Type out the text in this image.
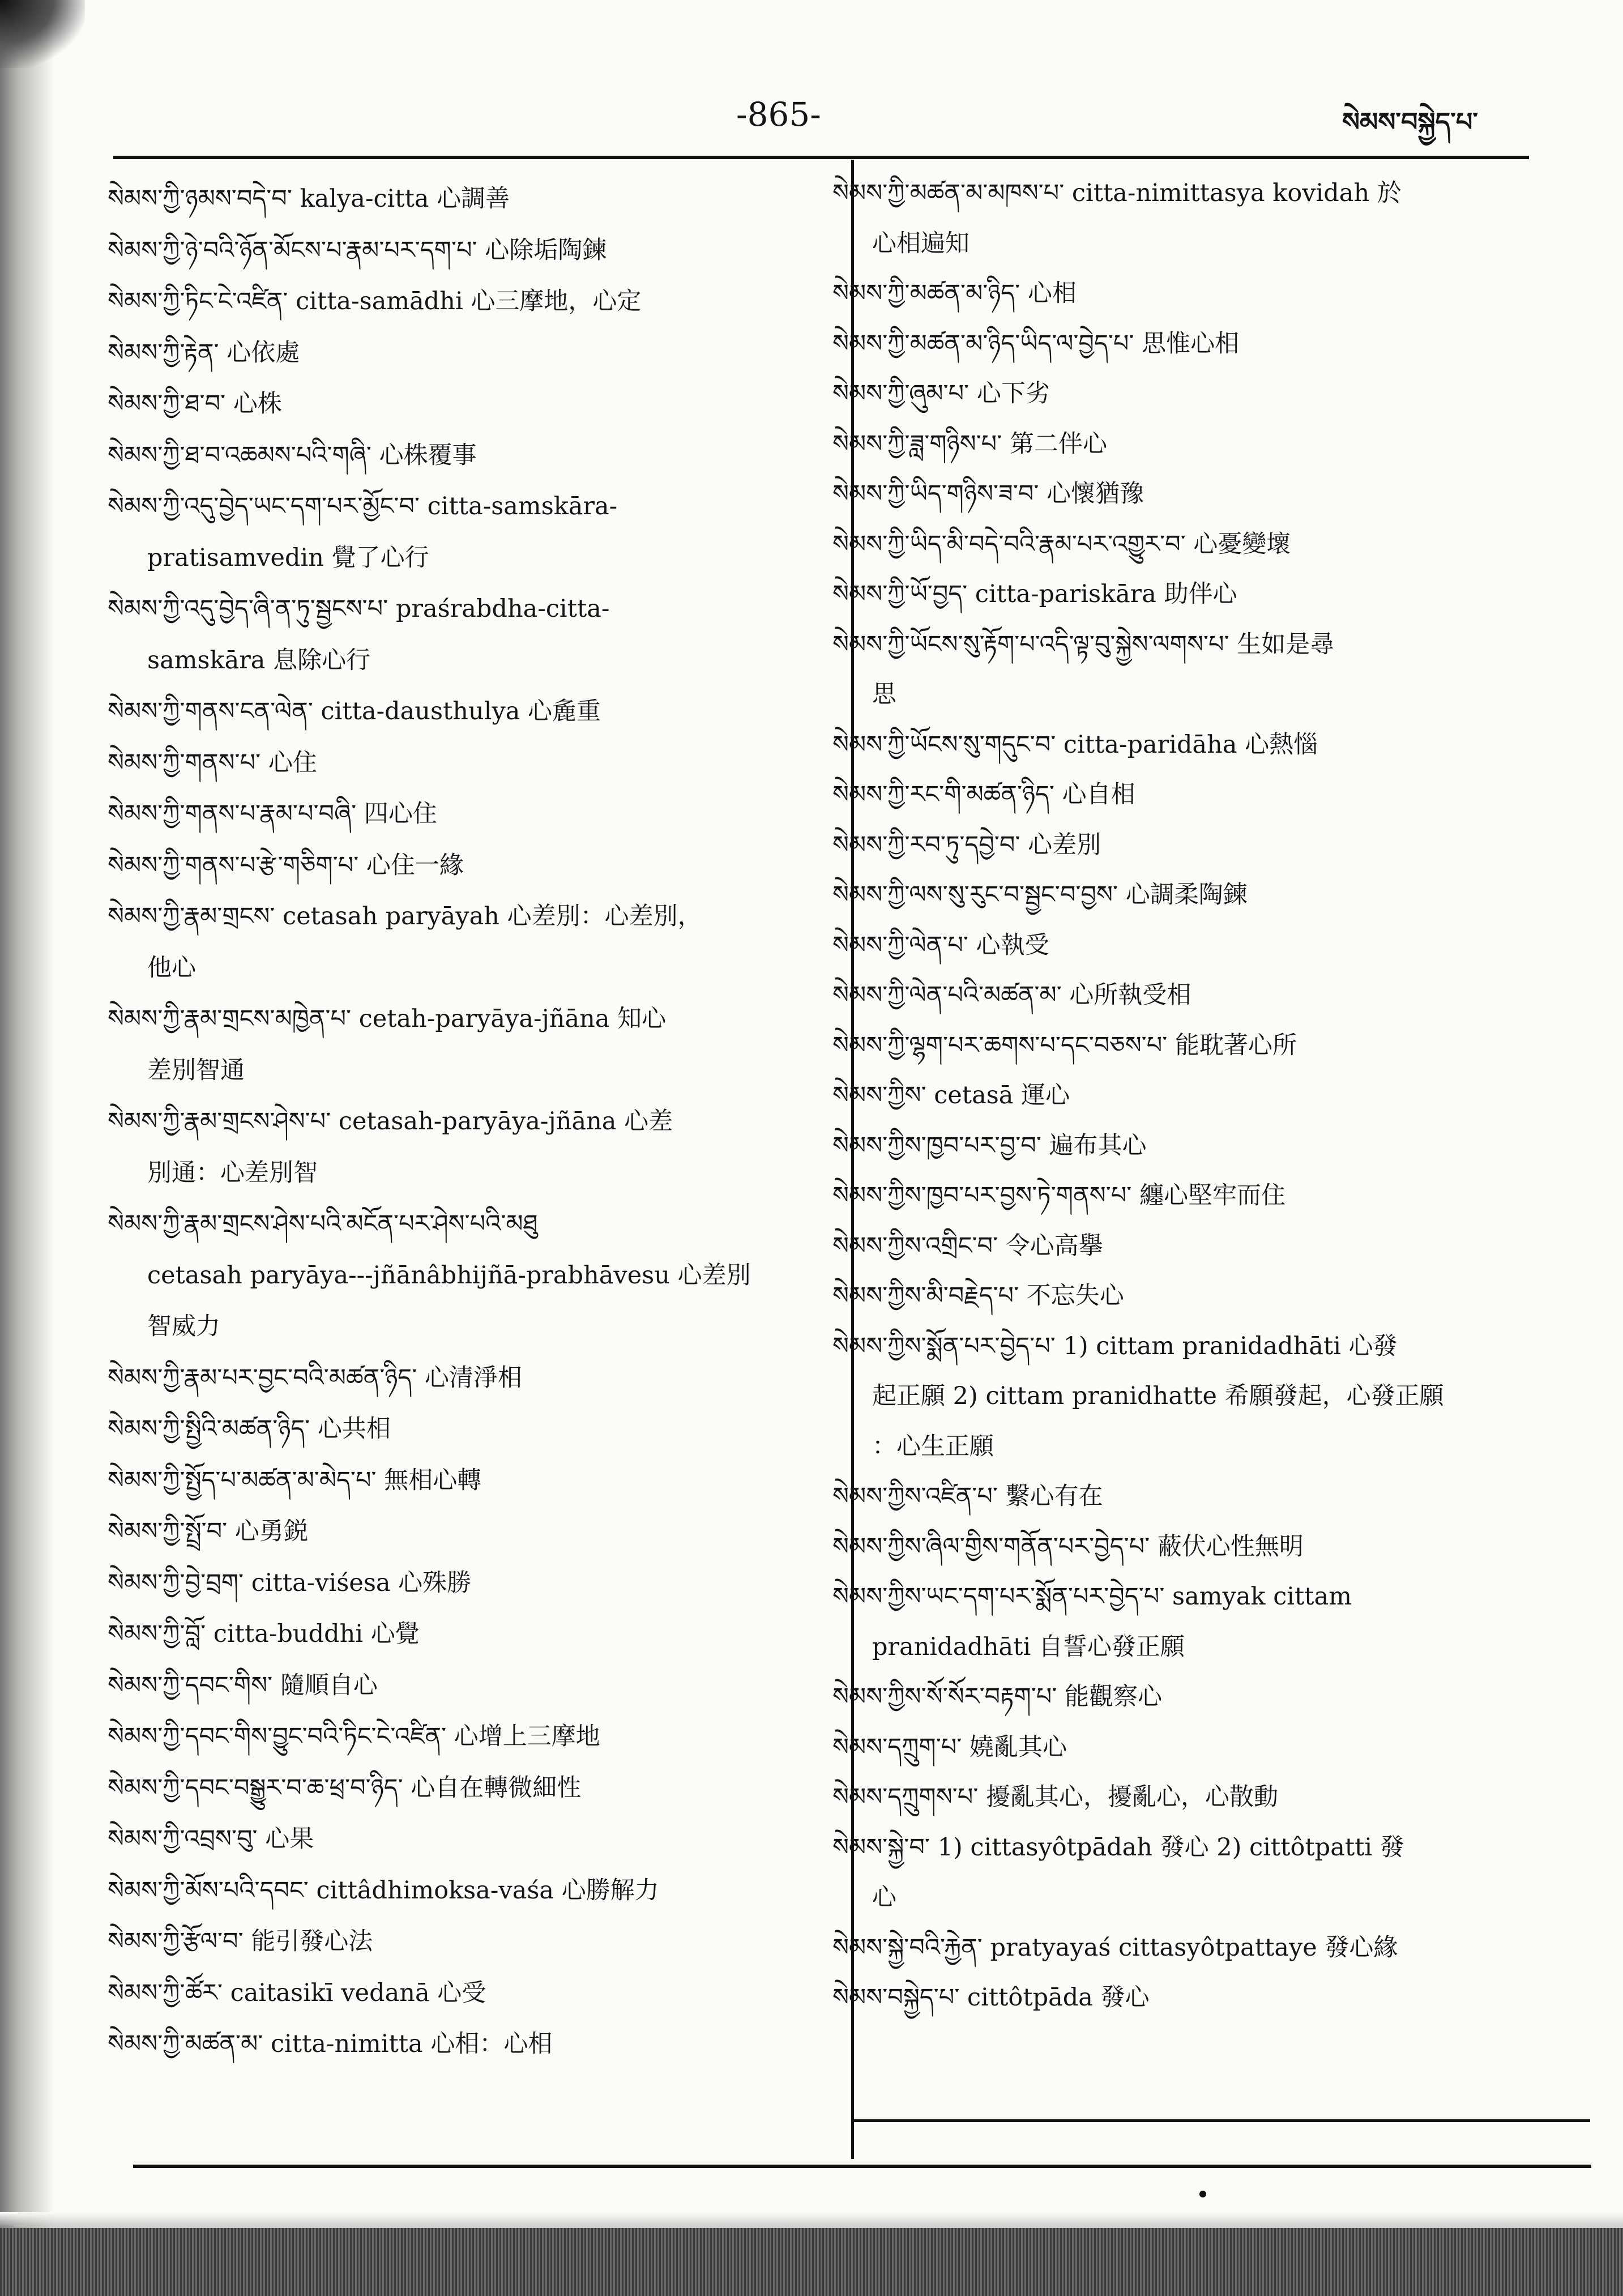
-865-	སེམས་བསྐྱེད་པ་
སེམས་ཀྱི་ཉམས་བདེ་བ་ kalya-citta 心調善
སེམས་ཀྱི་ཉེ་བའི་ཉོན་མོངས་པ་རྣམ་པར་དག་པ་ 心除垢陶鍊
སེམས་ཀྱི་ཏིང་ངེ་འཛིན་ citta-samādhi 心三摩地，心定
སེམས་ཀྱི་རྟེན་ 心依處
སེམས་ཀྱི་ཐ་བ་ 心株
སེམས་ཀྱི་ཐ་བ་འཆམས་པའི་གཞི་ 心株覆事
སེམས་ཀྱི་འདུ་བྱེད་ཡང་དག་པར་མྱོང་བ་ citta-samskāra-
pratisamvedin 覺了心行
སེམས་ཀྱི་འདུ་བྱེད་ཞི་ན་ཏུ་སྦྱངས་པ་ praśrabdha-citta-
samskāra 息除心行
སེམས་ཀྱི་གནས་ངན་ལེན་ citta-dausthulya 心麁重
སེམས་ཀྱི་གནས་པ་ 心住
སེམས་ཀྱི་གནས་པ་རྣམ་པ་བཞི་ 四心住
སེམས་ཀྱི་གནས་པ་རྩེ་གཅིག་པ་ 心住一緣
སེམས་ཀྱི་རྣམ་གྲངས་ cetasah paryāyah 心差別：心差別，
他心
སེམས་ཀྱི་རྣམ་གྲངས་མཁྱེན་པ་ cetah-paryāya-jñāna 知心
差別智通
སེམས་ཀྱི་རྣམ་གྲངས་ཤེས་པ་ cetasah-paryāya-jñāna 心差
別通：心差別智
སེམས་ཀྱི་རྣམ་གྲངས་ཤེས་པའི་མངོན་པར་ཤེས་པའི་མཐུ
cetasah paryāya---jñānâbhijñā-prabhāvesu 心差別
智威力
སེམས་ཀྱི་རྣམ་པར་བྱང་བའི་མཚན་ཉིད་ 心清淨相
སེམས་ཀྱི་སྤྱིའི་མཚན་ཉིད་ 心共相
སེམས་ཀྱི་སྤྱོད་པ་མཚན་མ་མེད་པ་ 無相心轉
སེམས་ཀྱི་སྤྲོ་བ་ 心勇鋭
སེམས་ཀྱི་བྱེ་བྲག་ citta-viśesa 心殊勝
སེམས་ཀྱི་བློ་ citta-buddhi 心覺
སེམས་ཀྱི་དབང་གིས་ 隨順自心
སེམས་ཀྱི་དབང་གིས་བྱུང་བའི་ཏིང་ངེ་འཛིན་ 心增上三摩地
སེམས་ཀྱི་དབང་བསྒྱུར་བ་ཆ་ཕྲ་བ་ཉིད་ 心自在轉微細性
སེམས་ཀྱི་འབྲས་བུ་ 心果
སེམས་ཀྱི་མོས་པའི་དབང་ cittâdhimoksa-vaśa 心勝解力
སེམས་ཀྱི་རྩོལ་བ་ 能引發心法
སེམས་ཀྱི་ཚོར་ caitasikī vedanā 心受
སེམས་ཀྱི་མཚན་མ་ citta-nimitta 心相：心相
སེམས་ཀྱི་མཚན་མ་མཁས་པ་ citta-nimittasya kovidah 於
心相遍知
སེམས་ཀྱི་མཚན་མ་ཉིད་ 心相
སེམས་ཀྱི་མཚན་མ་ཉིད་ཡིད་ལ་བྱེད་པ་ 思惟心相
སེམས་ཀྱི་ཞུམ་པ་ 心下劣
སེམས་ཀྱི་ཟླ་གཉིས་པ་ 第二伴心
སེམས་ཀྱི་ཡིད་གཉིས་ཟ་བ་ 心懷猶豫
སེམས་ཀྱི་ཡིད་མི་བདེ་བའི་རྣམ་པར་འགྱུར་བ་ 心憂變壞
སེམས་ཀྱི་ཡོ་བྱད་ citta-pariskāra 助伴心
སེམས་ཀྱི་ཡོངས་སུ་རྟོག་པ་འདི་ལྟ་བུ་སྐྱེས་ལགས་པ་ 生如是尋
思
སེམས་ཀྱི་ཡོངས་སུ་གདུང་བ་ citta-paridāha 心熱惱
སེམས་ཀྱི་རང་གི་མཚན་ཉིད་ 心自相
སེམས་ཀྱི་རབ་ཏུ་དབྱེ་བ་ 心差別
སེམས་ཀྱི་ལས་སུ་རུང་བ་སྦྱང་བ་བྱས་ 心調柔陶鍊
སེམས་ཀྱི་ལེན་པ་ 心執受
སེམས་ཀྱི་ལེན་པའི་མཚན་མ་ 心所執受相
སེམས་ཀྱི་ལྷག་པར་ཆགས་པ་དང་བཅས་པ་ 能耽著心所
སེམས་ཀྱིས་ cetasā 運心
སེམས་ཀྱིས་ཁྱབ་པར་བྱ་བ་ 遍布其心
སེམས་ཀྱིས་ཁྱབ་པར་བྱས་ཏེ་གནས་པ་ 纏心堅牢而住
སེམས་ཀྱིས་འགྲིང་བ་ 令心高擧
སེམས་ཀྱིས་མི་བརྗེད་པ་ 不忘失心
སེམས་ཀྱིས་སྨོན་པར་བྱེད་པ་ 1) cittam pranidadhāti 心發
起正願 2) cittam pranidhatte 希願發起，心發正願
：心生正願
སེམས་ཀྱིས་འཛིན་པ་ 繫心有在
སེམས་ཀྱིས་ཞིལ་གྱིས་གནོན་པར་བྱེད་པ་ 蔽伏心性無明
སེམས་ཀྱིས་ཡང་དག་པར་སྨོན་པར་བྱེད་པ་ samyak cittam
pranidadhāti 自誓心發正願
སེམས་ཀྱིས་སོ་སོར་བརྟག་པ་ 能觀察心
སེམས་དཀྲུག་པ་ 嬈亂其心
སེམས་དཀྲུགས་པ་ 擾亂其心，擾亂心，心散動
སེམས་སྐྱེ་བ་ 1) cittasyôtpādah 發心 2) cittôtpatti 發
心
སེམས་སྐྱེ་བའི་རྐྱེན་ pratyayaś cittasyôtpattaye 發心緣
སེམས་བསྐྱེད་པ་ cittôtpāda 發心
